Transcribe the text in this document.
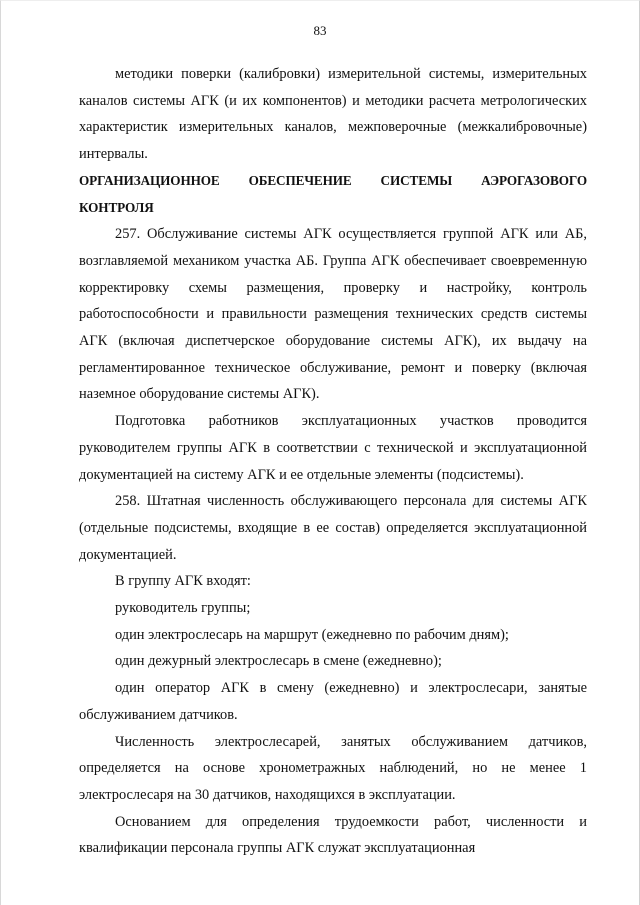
83

методики поверки (калибровки) измерительной системы, измерительных каналов системы АГК (и их компонентов) и методики расчета метрологических характеристик измерительных каналов, межповерочные (межкалибровочные) интервалы.

ОРГАНИЗАЦИОННОЕ ОБЕСПЕЧЕНИЕ СИСТЕМЫ АЭРОГАЗОВОГО КОНТРОЛЯ

257. Обслуживание системы АГК осуществляется группой АГК или АБ, возглавляемой механиком участка АБ. Группа АГК обеспечивает своевременную корректировку схемы размещения, проверку и настройку, контроль работоспособности и правильности размещения технических средств системы АГК (включая диспетчерское оборудование системы АГК), их выдачу на регламентированное техническое обслуживание, ремонт и поверку (включая наземное оборудование системы АГК).

Подготовка работников эксплуатационных участков проводится руководителем группы АГК в соответствии с технической и эксплуатационной документацией на систему АГК и ее отдельные элементы (подсистемы).

258. Штатная численность обслуживающего персонала для системы АГК (отдельные подсистемы, входящие в ее состав) определяется эксплуатационной документацией.

В группу АГК входят:

руководитель группы;

один электрослесарь на маршрут (ежедневно по рабочим дням);

один дежурный электрослесарь в смене (ежедневно);

один оператор АГК в смену (ежедневно) и электрослесари, занятые обслуживанием датчиков.

Численность электрослесарей, занятых обслуживанием датчиков, определяется на основе хронометражных наблюдений, но не менее 1 электрослесаря на 30 датчиков, находящихся в эксплуатации.

Основанием для определения трудоемкости работ, численности и квалификации персонала группы АГК служат эксплуатационная
